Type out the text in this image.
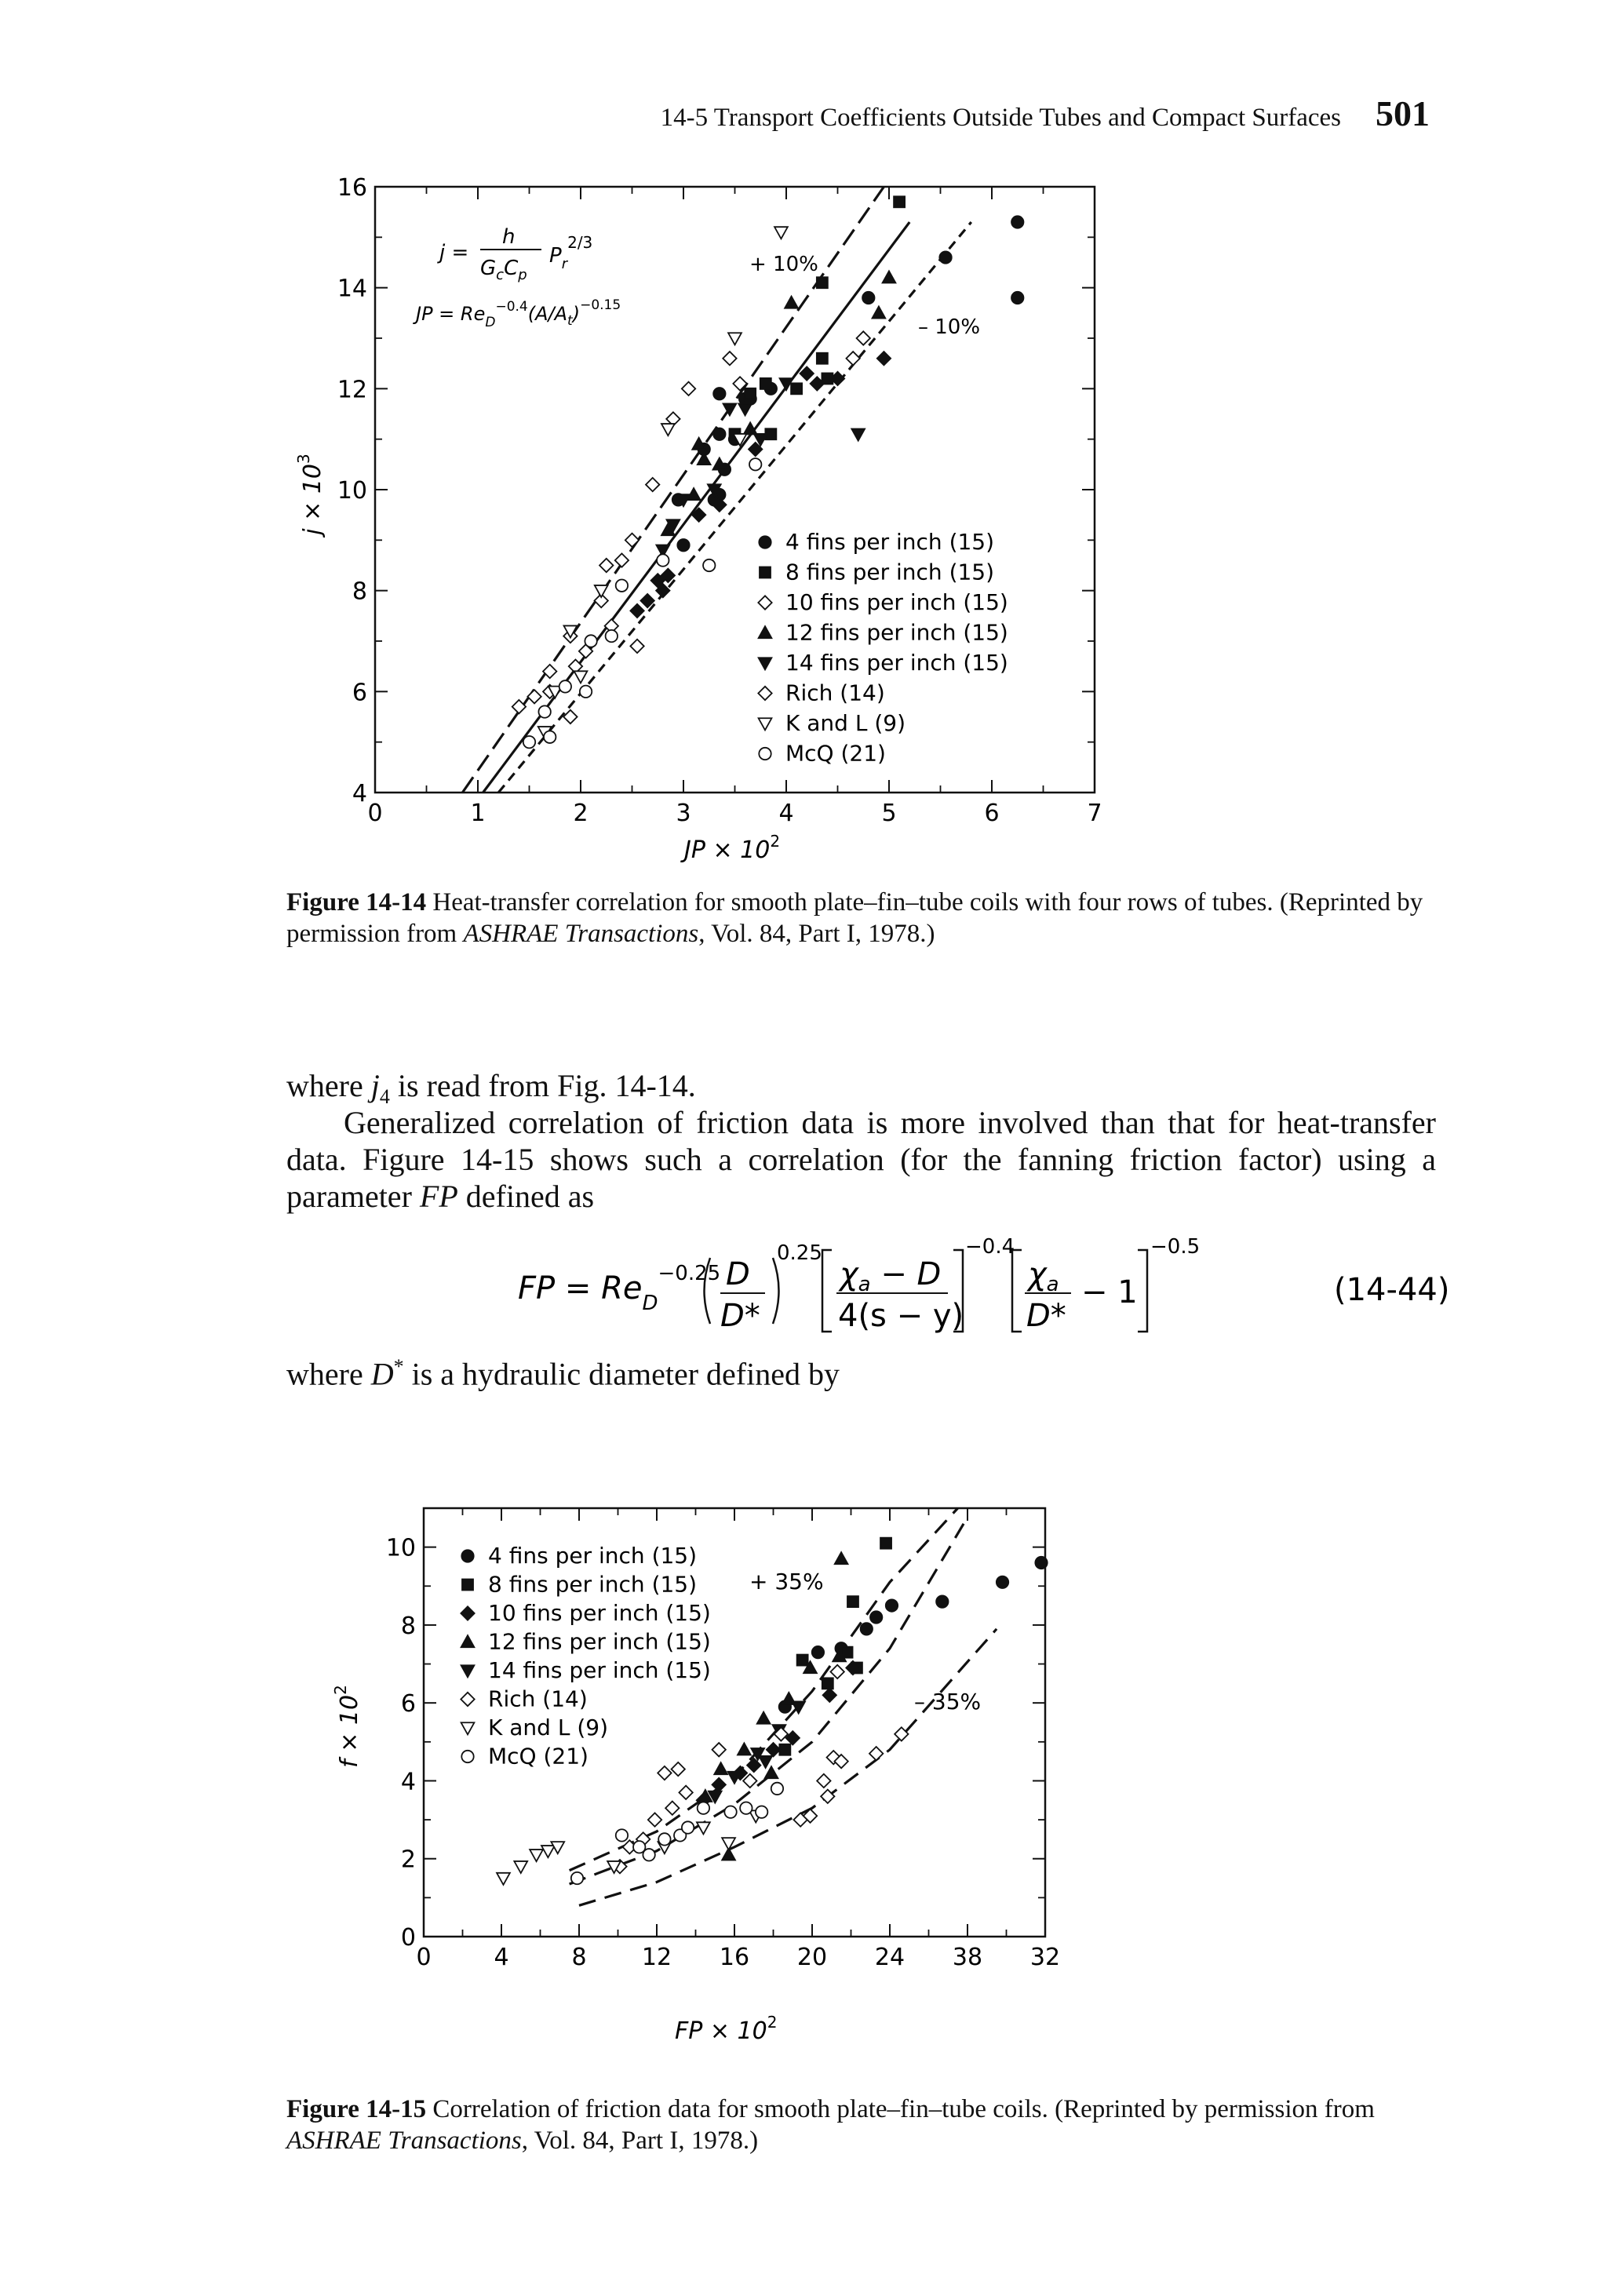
14-5 Transport Coefficients Outside Tubes and Compact Surfaces 501
0	1	2	3	4	5	6	7
4
6
8
10
12
14
16
4 fins per inch (15)
8 fins per inch (15)
10 fins per inch (15)
12 fins per inch (15)
14 fins per inch (15)
Rich (14)
K and L (9)
McQ (21)
j =
h
$G_cC_p$
$P_r^{2/3}$
JP = $Re_D^{-0.4}(A/A_t)^{-0.15}$
+ 10%
– 10%
JP × $10^2$
$j \times 10^3$
Figure 14-14 Heat-transfer correlation for smooth plate–fin–tube coils with four rows of tubes. (Reprinted by permission from ASHRAE Transactions, Vol. 84, Part I, 1978.)
where $j_4$ is read from Fig. 14-14.
Generalized correlation of friction data is more involved than that for heat-transfer data. Figure 14-15 shows such a correlation (for the fanning friction factor) using a parameter FP defined as
FP = $Re_D^{-0.25}$ D
D*
0.25
$\chi_a - D$
4(s − y)
−0.4
$\chi_a$
D*
− 1
−0.5
(14-44)
where D* is a hydraulic diameter defined by
0	4	8 12 16 20 24 38 32
0
2
4
6
8
10	4 fins per inch (15)
8 fins per inch (15)
10 fins per inch (15)
12 fins per inch (15)
14 fins per inch (15)
Rich (14)
K and L (9)
McQ (21)
+ 35%
– 35%
FP × $10^2$
$f \times 10^2$
Figure 14-15 Correlation of friction data for smooth plate–fin–tube coils. (Reprinted by permission from ASHRAE Transactions, Vol. 84, Part I, 1978.)
